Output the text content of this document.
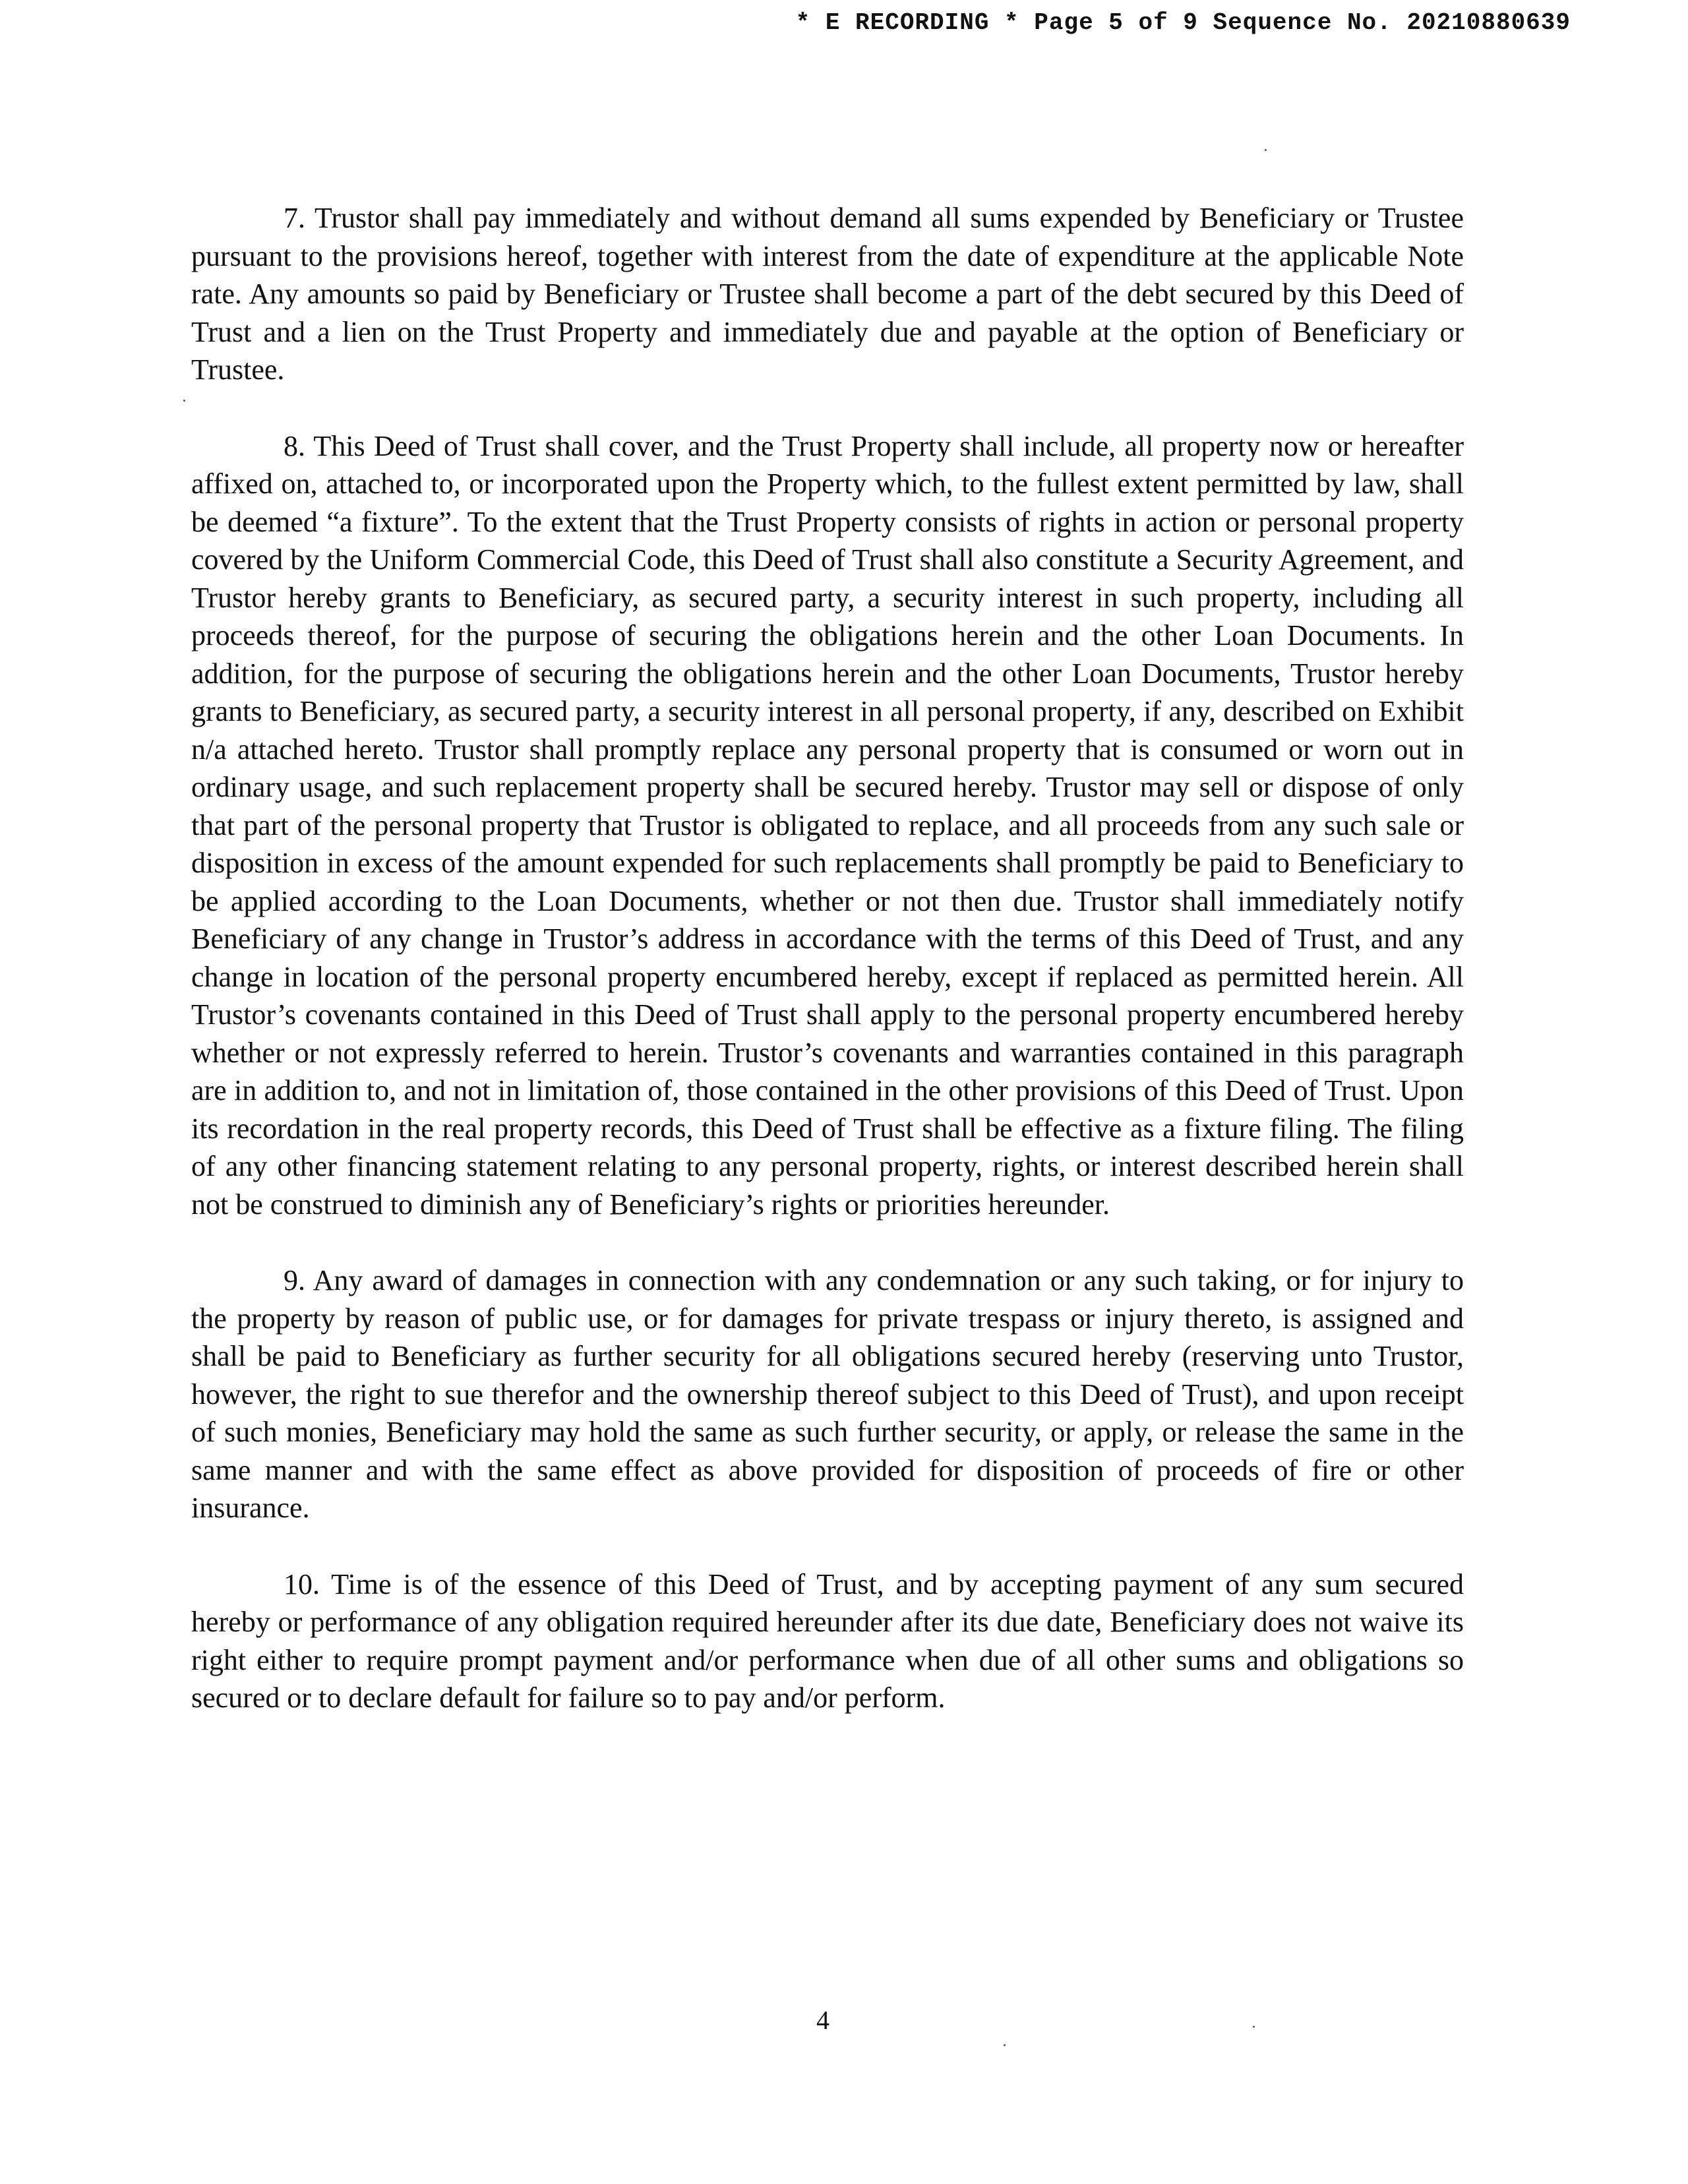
* E RECORDING * Page 5 of 9 Sequence No. 20210880639

7. Trustor shall pay immediately and without demand all sums expended by Beneficiary or Trustee pursuant to the provisions hereof, together with interest from the date of expenditure at the applicable Note rate. Any amounts so paid by Beneficiary or Trustee shall become a part of the debt secured by this Deed of Trust and a lien on the Trust Property and immediately due and payable at the option of Beneficiary or Trustee.

8. This Deed of Trust shall cover, and the Trust Property shall include, all property now or hereafter affixed on, attached to, or incorporated upon the Property which, to the fullest extent permitted by law, shall be deemed “a fixture”. To the extent that the Trust Property consists of rights in action or personal property covered by the Uniform Commercial Code, this Deed of Trust shall also constitute a Security Agreement, and Trustor hereby grants to Beneficiary, as secured party, a security interest in such property, including all proceeds thereof, for the purpose of securing the obligations herein and the other Loan Documents. In addition, for the purpose of securing the obligations herein and the other Loan Documents, Trustor hereby grants to Beneficiary, as secured party, a security interest in all personal property, if any, described on Exhibit n/a attached hereto. Trustor shall promptly replace any personal property that is consumed or worn out in ordinary usage, and such replacement property shall be secured hereby. Trustor may sell or dispose of only that part of the personal property that Trustor is obligated to replace, and all proceeds from any such sale or disposition in excess of the amount expended for such replacements shall promptly be paid to Beneficiary to be applied according to the Loan Documents, whether or not then due. Trustor shall immediately notify Beneficiary of any change in Trustor’s address in accordance with the terms of this Deed of Trust, and any change in location of the personal property encumbered hereby, except if replaced as permitted herein. All Trustor’s covenants contained in this Deed of Trust shall apply to the personal property encumbered hereby whether or not expressly referred to herein. Trustor’s covenants and warranties contained in this paragraph are in addition to, and not in limitation of, those contained in the other provisions of this Deed of Trust. Upon its recordation in the real property records, this Deed of Trust shall be effective as a fixture filing. The filing of any other financing statement relating to any personal property, rights, or interest described herein shall not be construed to diminish any of Beneficiary’s rights or priorities hereunder.

9. Any award of damages in connection with any condemnation or any such taking, or for injury to the property by reason of public use, or for damages for private trespass or injury thereto, is assigned and shall be paid to Beneficiary as further security for all obligations secured hereby (reserving unto Trustor, however, the right to sue therefor and the ownership thereof subject to this Deed of Trust), and upon receipt of such monies, Beneficiary may hold the same as such further security, or apply, or release the same in the same manner and with the same effect as above provided for disposition of proceeds of fire or other insurance.

10. Time is of the essence of this Deed of Trust, and by accepting payment of any sum secured hereby or performance of any obligation required hereunder after its due date, Beneficiary does not waive its right either to require prompt payment and/or performance when due of all other sums and obligations so secured or to declare default for failure so to pay and/or perform.

4
